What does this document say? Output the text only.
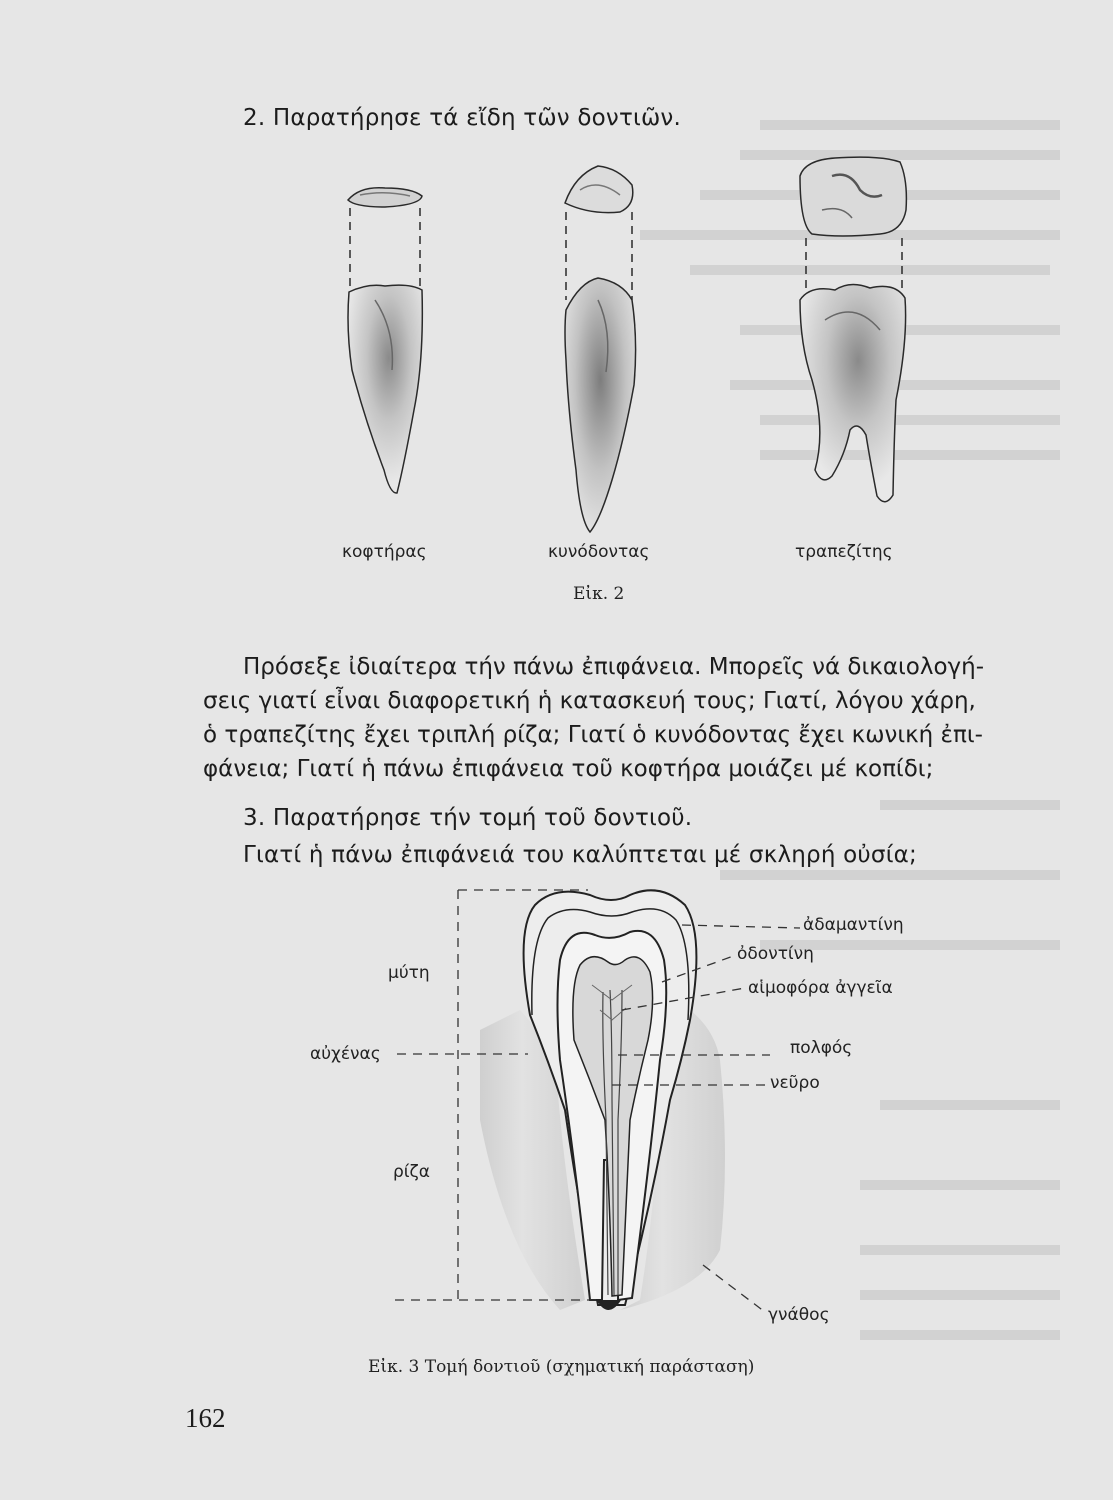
2. Παρατήρησε τά εἴδη τῶν δοντιῶν.
κοφτήρας	κυνόδοντας	τραπεζίτης
Εἰκ. 2
Πρόσεξε ἰδιαίτερα τήν πάνω ἐπιφάνεια. Μπορεῖς νά δικαιολογή-
σεις γιατί εἶναι διαφορετική ἡ κατασκευή τους; Γιατί, λόγου χάρη,
ὁ τραπεζίτης ἔχει τριπλή ρίζα; Γιατί ὁ κυνόδοντας ἔχει κωνική ἐπι-
φάνεια; Γιατί ἡ πάνω ἐπιφάνεια τοῦ κοφτήρα μοιάζει μέ κοπίδι;
3. Παρατήρησε τήν τομή τοῦ δοντιοῦ.
Γιατί ἡ πάνω ἐπιφάνειά του καλύπτεται μέ σκληρή οὐσία;
μύτη
αὐχένας
ρίζα
ἀδαμαντίνη
ὀδοντίνη
αἱμοφόρα ἀγγεῖα
πολφός
νεῦρο
γνάθος
Εἰκ. 3 Τομή δοντιοῦ (σχηματική παράσταση)
162
